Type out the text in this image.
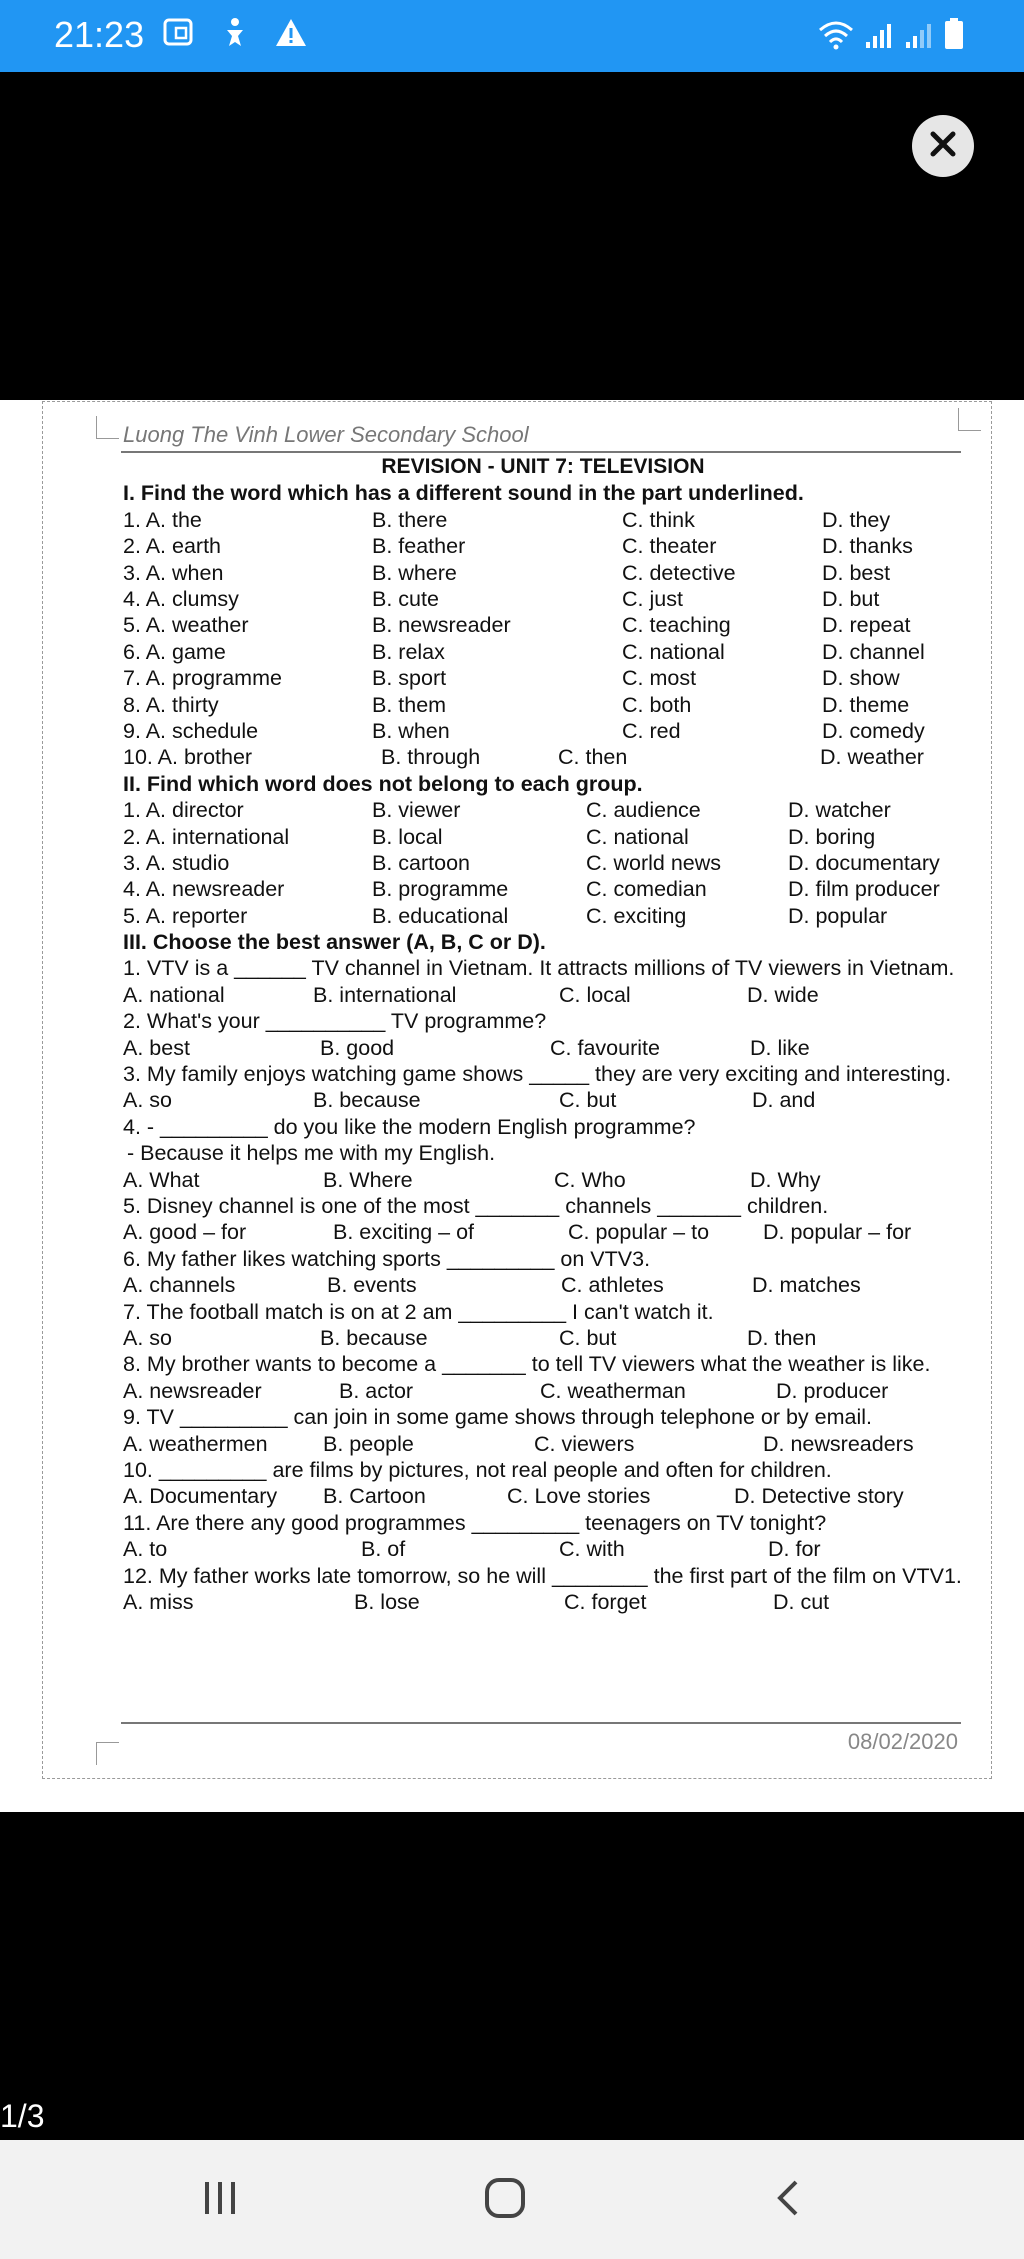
21:23
Luong The Vinh Lower Secondary School
REVISION - UNIT 7: TELEVISION
I. Find the word which has a different sound in the part underlined.
1. A. the	B. there	C. think	D. they
2. A. earth	B. feather	C. theater	D. thanks
3. A. when	B. where	C. detective	D. best
4. A. clumsy	B. cute	C. just	D. but
5. A. weather	B. newsreader	C. teaching	D. repeat
6. A. game	B. relax	C. national	D. channel
7. A. programme	B. sport	C. most	D. show
8. A. thirty	B. them	C. both	D. theme
9. A. schedule	B. when	C. red	D. comedy
10. A. brother	B. through	C. then	D. weather
II. Find which word does not belong to each group.
1. A. director	B. viewer	C. audience	D. watcher
2. A. international	B. local	C. national	D. boring
3. A. studio	B. cartoon	C. world news	D. documentary
4. A. newsreader	B. programme	C. comedian	D. film producer
5. A. reporter	B. educational	C. exciting	D. popular
III. Choose the best answer (A, B, C or D).
1. VTV is a ______ TV channel in Vietnam. It attracts millions of TV viewers in Vietnam.
A. national	B. international	C. local	D. wide
2. What's your __________ TV programme?
A. best	B. good	C. favourite	D. like
3. My family enjoys watching game shows _____ they are very exciting and interesting.
A. so	B. because	C. but	D. and
4. - _________ do you like the modern English programme?
- Because it helps me with my English.
A. What	B. Where	C. Who	D. Why
5. Disney channel is one of the most _______ channels _______ children.
A. good – for	B. exciting – of	C. popular – to	D. popular – for
6. My father likes watching sports _________ on VTV3.
A. channels	B. events	C. athletes	D. matches
7. The football match is on at 2 am _________ I can't watch it.
A. so	B. because	C. but	D. then
8. My brother wants to become a _______ to tell TV viewers what the weather is like.
A. newsreader	B. actor	C. weatherman	D. producer
9. TV _________ can join in some game shows through telephone or by email.
A. weathermen	B. people	C. viewers	D. newsreaders
10. _________ are films by pictures, not real people and often for children.
A. Documentary B. Cartoon	C. Love stories	D. Detective story
11. Are there any good programmes _________ teenagers on TV tonight?
A. to	B. of	C. with	D. for
12. My father works late tomorrow, so he will ________ the first part of the film on VTV1.
A. miss	B. lose	C. forget	D. cut
08/02/2020
1/3
